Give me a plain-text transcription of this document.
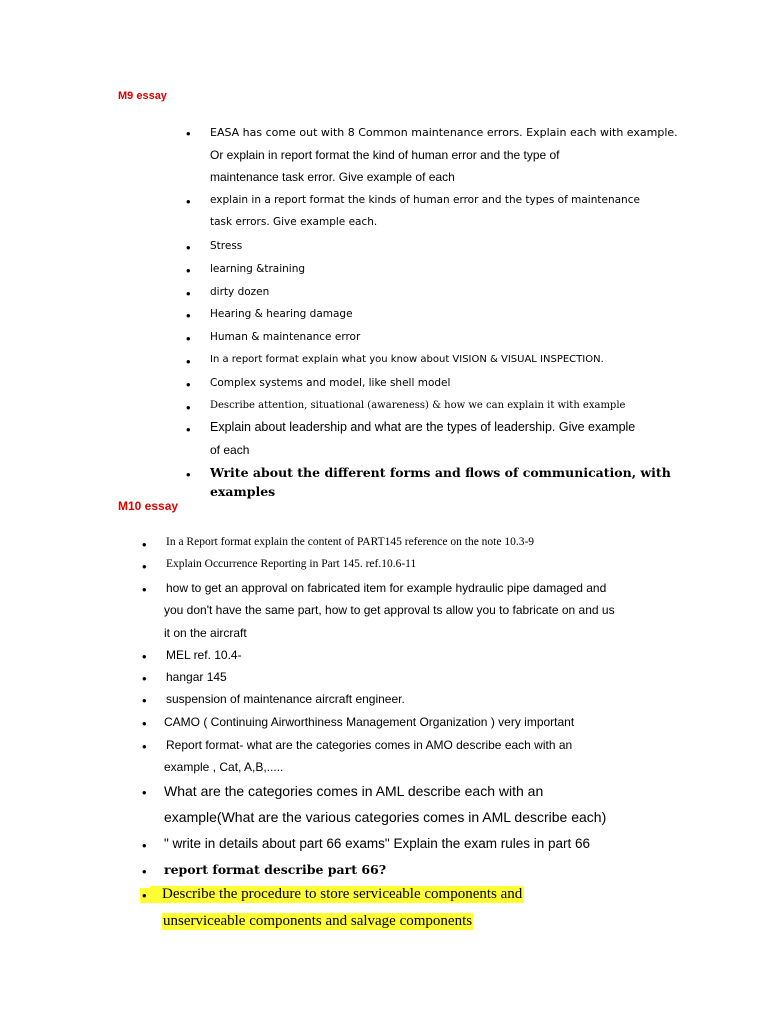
M9 essay
• EASA has come out with 8 Common maintenance errors. Explain each with example.
Or explain in report format the kind of human error and the type of
maintenance task error. Give example of each
• explain in a report format the kinds of human error and the types of maintenance
task errors. Give example each.
• Stress
• learning &training
• dirty dozen
• Hearing & hearing damage
• Human & maintenance error
• In a report format explain what you know about VISION & VISUAL INSPECTION.
• Complex systems and model, like shell model
• Describe attention, situational (awareness) & how we can explain it with example
• Explain about leadership and what are the types of leadership. Give example
of each
• Write about the different forms and flows of communication, with
examples
M10 essay
• In a Report format explain the content of PART145 reference on the note 10.3-9
• Explain Occurrence Reporting in Part 145. ref.10.6-11
• how to get an approval on fabricated item for example hydraulic pipe damaged and
you don't have the same part, how to get approval ts allow you to fabricate on and us
it on the aircraft
• MEL ref. 10.4-
• hangar 145
• suspension of maintenance aircraft engineer.
• CAMO ( Continuing Airworthiness Management Organization ) very important
• Report format- what are the categories comes in AMO describe each with an
example , Cat, A,B,.....
• What are the categories comes in AML describe each with an
example(What are the various categories comes in AML describe each)
• " write in details about part 66 exams" Explain the exam rules in part 66
• report format describe part 66?
•	Describe the procedure to store serviceable components and
unserviceable components and salvage components
